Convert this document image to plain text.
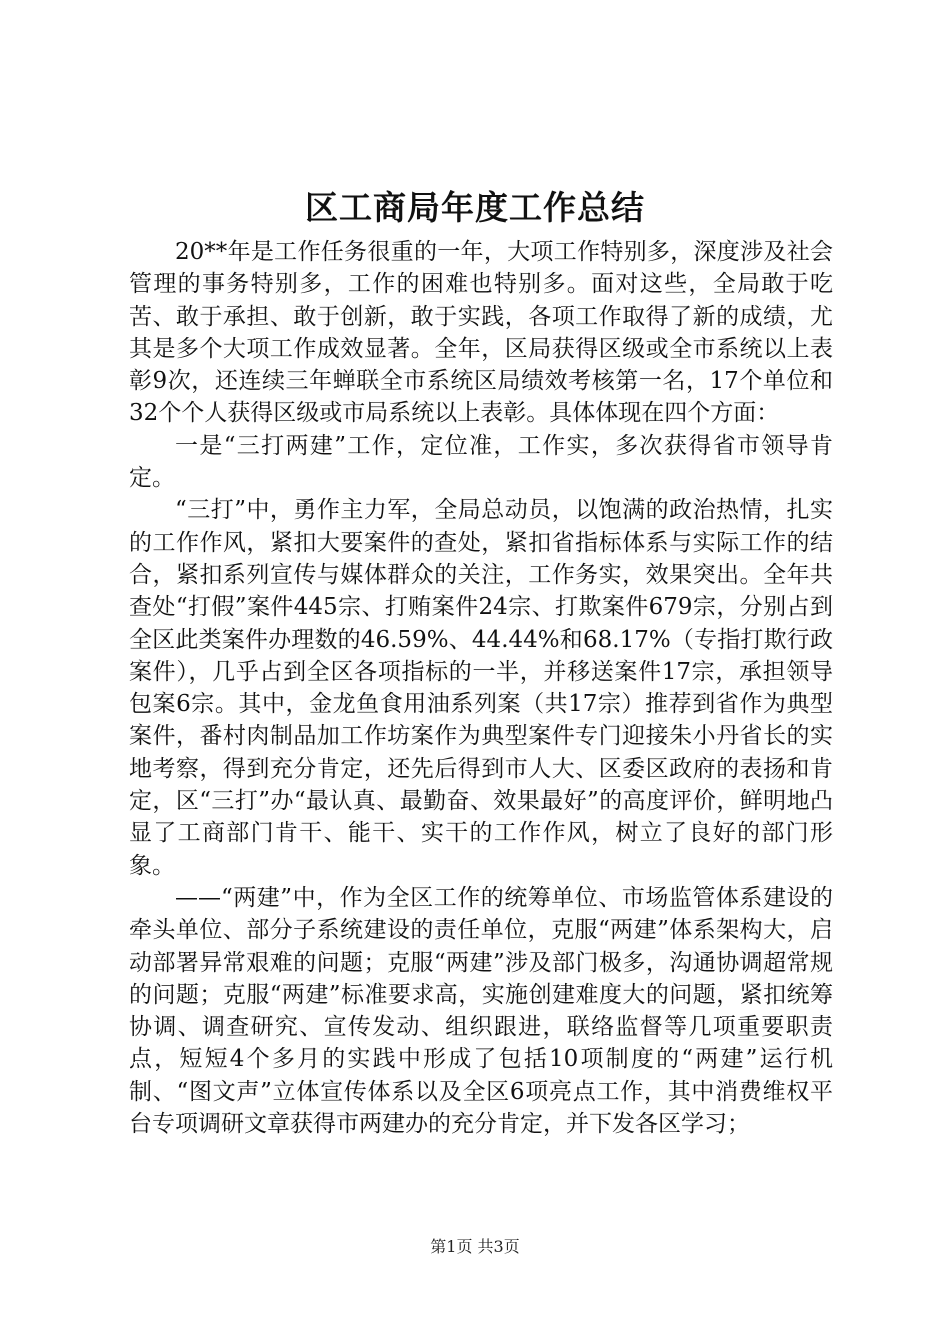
区工商局年度工作总结

20**年是工作任务很重的一年，大项工作特别多，深度涉及社会管理的事务特别多，工作的困难也特别多。面对这些，全局敢于吃苦、敢于承担、敢于创新，敢于实践，各项工作取得了新的成绩，尤其是多个大项工作成效显著。全年，区局获得区级或全市系统以上表彰9次，还连续三年蝉联全市系统区局绩效考核第一名，17个单位和32个个人获得区级或市局系统以上表彰。具体体现在四个方面：

一是“三打两建”工作，定位准，工作实，多次获得省市领导肯定。

“三打”中，勇作主力军，全局总动员，以饱满的政治热情，扎实的工作作风，紧扣大要案件的查处，紧扣省指标体系与实际工作的结合，紧扣系列宣传与媒体群众的关注，工作务实，效果突出。全年共查处“打假”案件445宗、打贿案件24宗、打欺案件679宗，分别占到全区此类案件办理数的46.59%、44.44%和68.17%（专指打欺行政案件），几乎占到全区各项指标的一半，并移送案件17宗，承担领导包案6宗。其中，金龙鱼食用油系列案（共17宗）推荐到省作为典型案件，番村肉制品加工作坊案作为典型案件专门迎接朱小丹省长的实地考察，得到充分肯定，还先后得到市人大、区委区政府的表扬和肯定，区“三打”办“最认真、最勤奋、效果最好”的高度评价，鲜明地凸显了工商部门肯干、能干、实干的工作作风，树立了良好的部门形象。

——“两建”中，作为全区工作的统筹单位、市场监管体系建设的牵头单位、部分子系统建设的责任单位，克服“两建”体系架构大，启动部署异常艰难的问题；克服“两建”涉及部门极多，沟通协调超常规的问题；克服“两建”标准要求高，实施创建难度大的问题，紧扣统筹协调、调查研究、宣传发动、组织跟进，联络监督等几项重要职责点，短短4个多月的实践中形成了包括10项制度的“两建”运行机制、“图文声”立体宣传体系以及全区6项亮点工作，其中消费维权平台专项调研文章获得市两建办的充分肯定，并下发各区学习；

第1页 共3页
